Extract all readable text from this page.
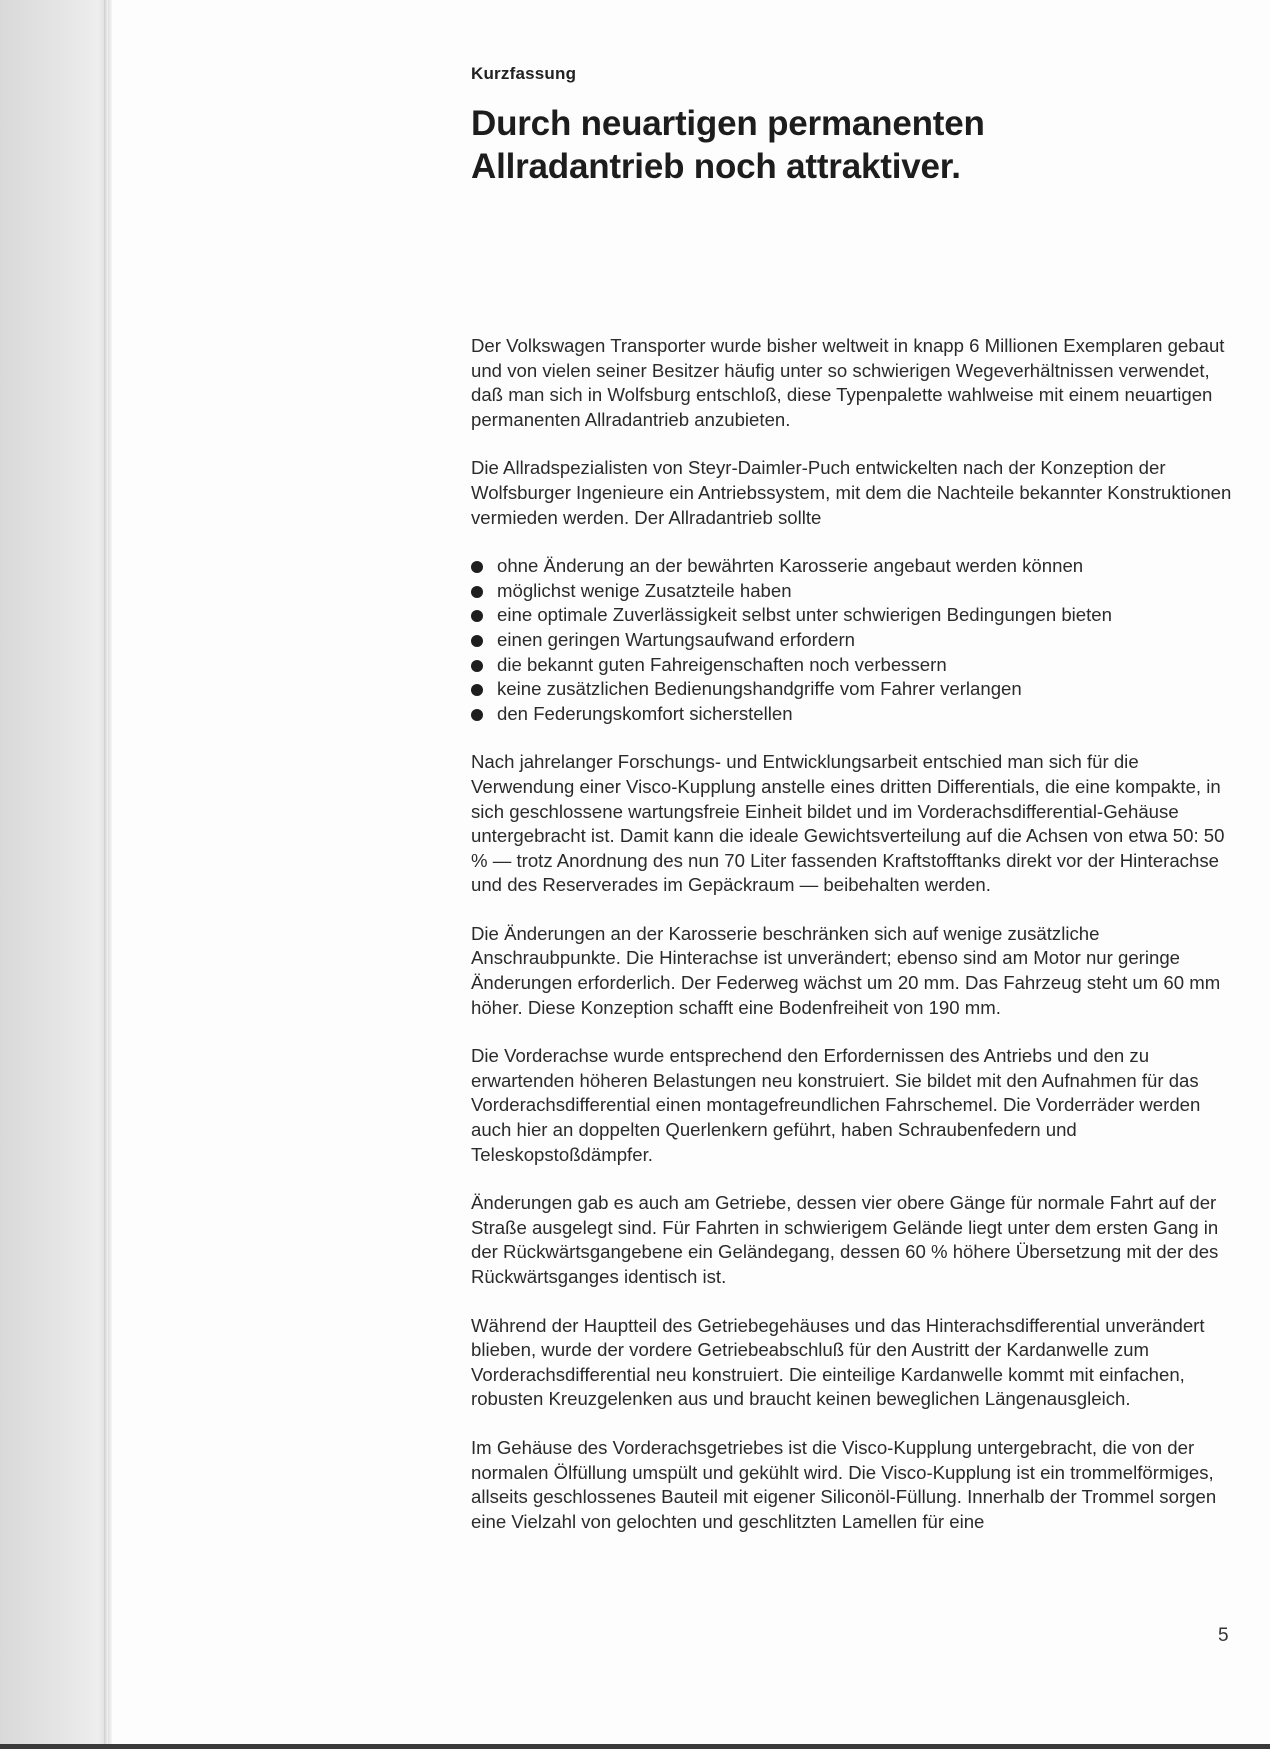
Kurzfassung

Durch neuartigen permanenten
Allradantrieb noch attraktiver.

Der Volkswagen Transporter wurde bisher weltweit in knapp 6 Millionen Exemplaren gebaut und von vielen seiner Besitzer häufig unter so schwierigen Wegeverhältnissen verwendet, daß man sich in Wolfsburg entschloß, diese Typenpalette wahlweise mit einem neuartigen permanenten Allradantrieb anzubieten.

Die Allradspezialisten von Steyr-Daimler-Puch entwickelten nach der Konzeption der Wolfsburger Ingenieure ein Antriebssystem, mit dem die Nachteile bekannter Konstruktionen vermieden werden. Der Allradantrieb sollte

ohne Änderung an der bewährten Karosserie angebaut werden können
möglichst wenige Zusatzteile haben
eine optimale Zuverlässigkeit selbst unter schwierigen Bedingungen bieten
einen geringen Wartungsaufwand erfordern
die bekannt guten Fahreigenschaften noch verbessern
keine zusätzlichen Bedienungshandgriffe vom Fahrer verlangen
den Federungskomfort sicherstellen

Nach jahrelanger Forschungs- und Entwicklungsarbeit entschied man sich für die Verwendung einer Visco-Kupplung anstelle eines dritten Differentials, die eine kompakte, in sich geschlossene wartungsfreie Einheit bildet und im Vorderachsdifferential-Gehäuse untergebracht ist. Damit kann die ideale Gewichtsverteilung auf die Achsen von etwa 50: 50 % — trotz Anordnung des nun 70 Liter fassenden Kraftstofftanks direkt vor der Hinterachse und des Reserverades im Gepäckraum — beibehalten werden.

Die Änderungen an der Karosserie beschränken sich auf wenige zusätzliche Anschraubpunkte. Die Hinterachse ist unverändert; ebenso sind am Motor nur geringe Änderungen erforderlich. Der Federweg wächst um 20 mm. Das Fahrzeug steht um 60 mm höher. Diese Konzeption schafft eine Bodenfreiheit von 190 mm.

Die Vorderachse wurde entsprechend den Erfordernissen des Antriebs und den zu erwartenden höheren Belastungen neu konstruiert. Sie bildet mit den Aufnahmen für das Vorderachsdifferential einen montagefreundlichen Fahrschemel. Die Vorderräder werden auch hier an doppelten Querlenkern geführt, haben Schraubenfedern und Teleskopstoßdämpfer.

Änderungen gab es auch am Getriebe, dessen vier obere Gänge für normale Fahrt auf der Straße ausgelegt sind. Für Fahrten in schwierigem Gelände liegt unter dem ersten Gang in der Rückwärtsgangebene ein Geländegang, dessen 60 % höhere Übersetzung mit der des Rückwärtsganges identisch ist.

Während der Hauptteil des Getriebegehäuses und das Hinterachsdifferential unverändert blieben, wurde der vordere Getriebeabschluß für den Austritt der Kardanwelle zum Vorderachsdifferential neu konstruiert. Die einteilige Kardanwelle kommt mit einfachen, robusten Kreuzgelenken aus und braucht keinen beweglichen Längenausgleich.

Im Gehäuse des Vorderachsgetriebes ist die Visco-Kupplung untergebracht, die von der normalen Ölfüllung umspült und gekühlt wird. Die Visco-Kupplung ist ein trommelförmiges, allseits geschlossenes Bauteil mit eigener Siliconöl-Füllung. Innerhalb der Trommel sorgen eine Vielzahl von gelochten und geschlitzten Lamellen für eine

5
